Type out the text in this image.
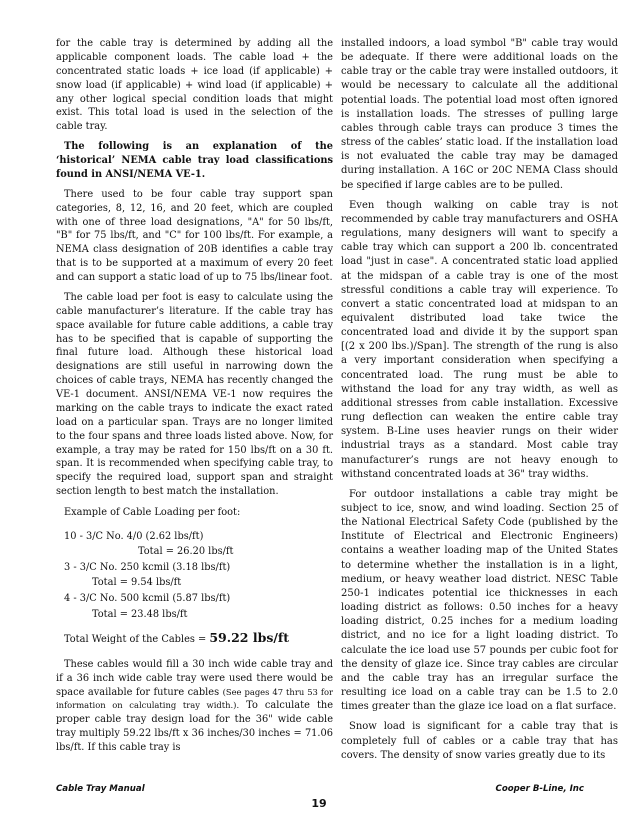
for the cable tray is determined by adding all the applicable component loads. The cable load + the concentrated static loads + ice load (if applicable) + snow load (if applicable) + wind load (if applicable) + any other logical special condition loads that might exist. This total load is used in the selection of the cable tray.

The following is an explanation of the ‘historical’ NEMA cable tray load classifications found in ANSI/NEMA VE-1.

There used to be four cable tray support span categories, 8, 12, 16, and 20 feet, which are coupled with one of three load designations, "A" for 50 lbs/ft, "B" for 75 lbs/ft, and "C" for 100 lbs/ft. For example, a NEMA class designation of 20B identifies a cable tray that is to be supported at a maximum of every 20 feet and can support a static load of up to 75 lbs/linear foot.

The cable load per foot is easy to calculate using the cable manufacturer’s literature. If the cable tray has space available for future cable additions, a cable tray has to be specified that is capable of supporting the final future load. Although these historical load designations are still useful in narrowing down the choices of cable trays, NEMA has recently changed the VE-1 document. ANSI/NEMA VE-1 now requires the marking on the cable trays to indicate the exact rated load on a particular span. Trays are no longer limited to the four spans and three loads listed above. Now, for example, a tray may be rated for 150 lbs/ft on a 30 ft. span. It is recommended when specifying cable tray, to specify the required load, support span and straight section length to best match the installation.

Example of Cable Loading per foot:
10 - 3/C No. 4/0 (2.62 lbs/ft)
Total = 26.20 lbs/ft
3 - 3/C No. 250 kcmil (3.18 lbs/ft)
Total = 9.54 lbs/ft
4 - 3/C No. 500 kcmil (5.87 lbs/ft)
Total = 23.48 lbs/ft
Total Weight of the Cables = 59.22 lbs/ft

These cables would fill a 30 inch wide cable tray and if a 36 inch wide cable tray were used there would be space available for future cables (See pages 47 thru 53 for information on calculating tray width.). To calculate the proper cable tray design load for the 36" wide cable tray multiply 59.22 lbs/ft x 36 inches/30 inches = 71.06 lbs/ft. If this cable tray is

installed indoors, a load symbol "B" cable tray would be adequate. If there were additional loads on the cable tray or the cable tray were installed outdoors, it would be necessary to calculate all the additional potential loads. The potential load most often ignored is installation loads. The stresses of pulling large cables through cable trays can produce 3 times the stress of the cables’ static load. If the installation load is not evaluated the cable tray may be damaged during installation. A 16C or 20C NEMA Class should be specified if large cables are to be pulled.

Even though walking on cable tray is not recommended by cable tray manufacturers and OSHA regulations, many designers will want to specify a cable tray which can support a 200 lb. concentrated load "just in case". A concentrated static load applied at the midspan of a cable tray is one of the most stressful conditions a cable tray will experience. To convert a static concentrated load at midspan to an equivalent distributed load take twice the concentrated load and divide it by the support span [(2 x 200 lbs.)/Span]. The strength of the rung is also a very important consideration when specifying a concentrated load. The rung must be able to withstand the load for any tray width, as well as additional stresses from cable installation. Excessive rung deflection can weaken the entire cable tray system. B-Line uses heavier rungs on their wider industrial trays as a standard. Most cable tray manufacturer’s rungs are not heavy enough to withstand concentrated loads at 36" tray widths.

For outdoor installations a cable tray might be subject to ice, snow, and wind loading. Section 25 of the National Electrical Safety Code (published by the Institute of Electrical and Electronic Engineers) contains a weather loading map of the United States to determine whether the installation is in a light, medium, or heavy weather load district. NESC Table 250-1 indicates potential ice thicknesses in each loading district as follows: 0.50 inches for a heavy loading district, 0.25 inches for a medium loading district, and no ice for a light loading district. To calculate the ice load use 57 pounds per cubic foot for the density of glaze ice. Since tray cables are circular and the cable tray has an irregular surface the resulting ice load on a cable tray can be 1.5 to 2.0 times greater than the glaze ice load on a flat surface.

Snow load is significant for a cable tray that is completely full of cables or a cable tray that has covers. The density of snow varies greatly due to its

Cable Tray Manual	Cooper B-Line, Inc
19
